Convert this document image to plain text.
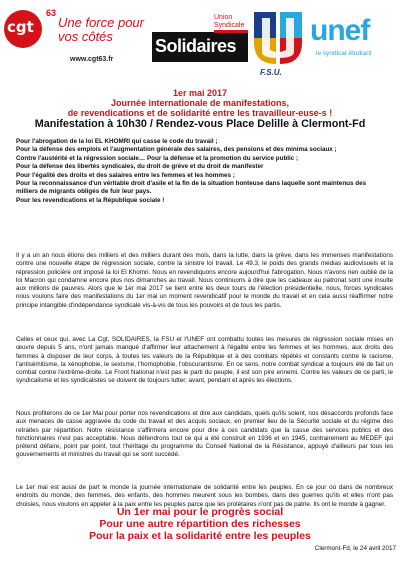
cgt
63
Une force pour vos côtés
www.cgt63.fr
Union Syndicale
Solidaires
F.S.U.
unef
le syndicat étudiant
1er mai 2017
Journée internationale de manifestations,
de revendications et de solidarité entre les travailleur-euse-s !
Manifestation à 10h30 / Rendez-vous Place Delille à Clermont-Fd
Pour l'abrogation de la loi EL KHOMRI qui casse le code du travail ;
Pour la défense des emplois et l'augmentation générale des salaires, des pensions et des minima sociaux ;
Contre l'austérité et la régression sociale… Pour la défense et la promotion du service public ;
Pour la défense des libertés syndicales, du droit de grève et du droit de manifester
Pour l'égalité des droits et des salaires entre les femmes et les hommes ;
Pour la reconnaissance d'un véritable droit d'asile et la fin de la situation honteuse dans laquelle sont maintenus des
milliers de migrants obligés de fuir leur pays.
Pour les revendications et la République sociale !

Il y a un an nous étions des milliers et des milliers durant des mois, dans la lutte, dans la grève, dans les immenses manifestations contre une nouvelle étape de régression sociale, contre la sinistre loi travail. Le 49.3, le poids des grands médias audiovisuels et la répression policière ont imposé la loi El Khomri. Nous en revendiquons encore aujourd'hui l'abrogation. Nous n'avons rien oublié de la loi Macron qui condamne encore plus nos dimanches au travail. Nous continuons à dire que les cadeaux au patronat sont une insulte aux millions de pauvres. Alors que le 1er mai 2017 se tient entre les deux tours de l'élection présidentielle, nous, forces syndicales nous voulons faire des manifestations du 1er mai un moment revendicatif pour le monde du travail et en cela aussi réaffirmer notre principe intangible d'indépendance syndicale vis-à-vis de tous les pouvoirs et de tous les partis.

Celles et ceux qui, avec La Cgt, SOLIDAIRES, la FSU et l'UNEF ont combattu toutes les mesures de régression sociale mises en œuvre depuis 5 ans, n'ont jamais manqué d'affirmer leur attachement à l'égalité entre les femmes et les hommes, aux droits des femmes à disposer de leur corps, à toutes les valeurs de la République et à des combats répétés et constants contre le racisme, l'antisémitisme, la xénophobie, le sexisme, l'homophobie, l'obscurantisme. En ce sens, notre combat syndical a toujours été de fait un combat contre l'extrême-droite. Le Front National n'est pas le parti du peuple, il est son pire ennemi. Contre les valeurs de ce parti, le syndicalisme et les syndicalistes se doivent de toujours lutter, avant, pendant et après les élections.

Nous profiterons de ce 1er Mai pour porter nos revendications et dire aux candidats, quels qu'ils soient, nos désaccords profonds face aux menaces de casse aggravée du code du travail et des acquis sociaux, en premier lieu de la Sécurité sociale et du régime des retraites par répartition. Notre résistance s'affirmera encore pour dire à ces candidats que la casse des services publics et des fonctionnaires n'est pas acceptable. Nous défendrons tout ce qui a été construit en 1936 et en 1945, contrairement au MEDEF qui prétend défaire, point par point, tout l'héritage du programme du Conseil National de la Résistance, appuyé d'ailleurs par tous les gouvernements et ministres du travail qui se sont succédé.

Le 1er mai est aussi de part le monde la journée internationale de solidarité entre les peuples. En ce jour où dans de nombreux endroits du monde, des femmes, des enfants, des hommes meurent sous les bombes, dans des guerres qu'ils et elles n'ont pas choisies, nous voulons en appeler à la paix entre les peuples parce que les prolétaires n'ont pas de patrie. Ils ont le monde à gagner.

Un 1er mai pour le progrès social
Pour une autre répartition des richesses
Pour la paix et la solidarité entre les peuples
Clermont-Fd, le 24 avril 2017
